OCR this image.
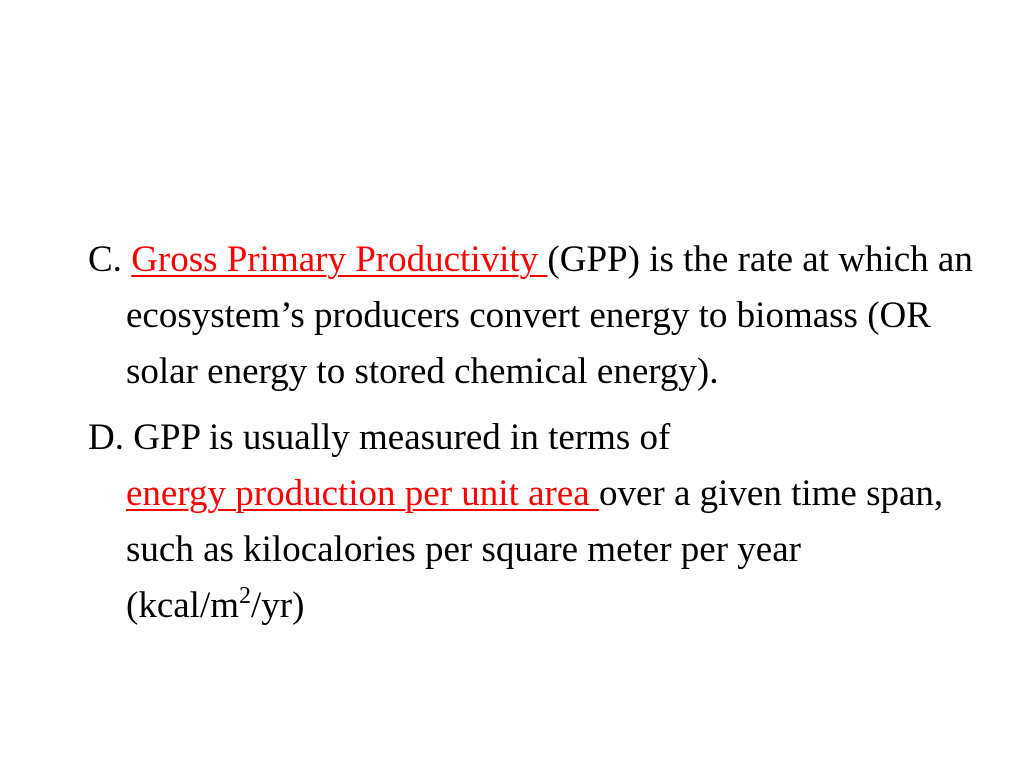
C. Gross Primary Productivity (GPP) is the rate at which an ecosystem’s producers convert energy to biomass (OR solar energy to stored chemical energy).

D. GPP is usually measured in terms of
energy production per unit area over a given time span, such as kilocalories per square meter per year $(kcal/m^2/yr)$
